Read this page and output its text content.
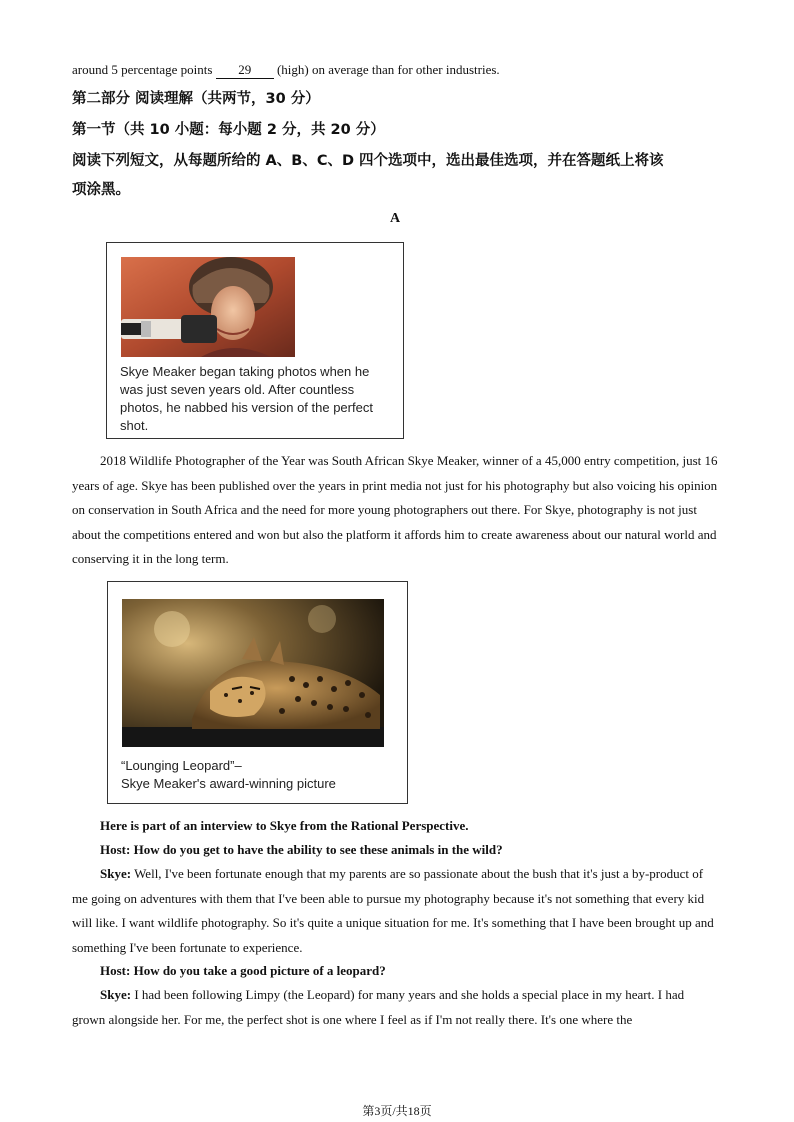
around 5 percentage points 29 (high) on average than for other industries.
第二部分 阅读理解（共两节，30 分）
第一节（共 10 小题：每小题 2 分，共 20 分）
阅读下列短文，从每题所给的 A、B、C、D 四个选项中，选出最佳选项，并在答题纸上将该
项涂黑。
A
Skye Meaker began taking photos when he
was just seven years old. After countless
photos, he nabbed his version of the perfect
shot.
2018 Wildlife Photographer of the Year was South African Skye Meaker, winner of a 45,000 entry competition, just 16 years of age. Skye has been published over the years in print media not just for his photography but also voicing his opinion on conservation in South Africa and the need for more young photographers out there. For Skye, photography is not just about the competitions entered and won but also the platform it affords him to create awareness about our natural world and conserving it in the long term.
“Lounging Leopard”–
Skye Meaker's award-winning picture
Here is part of an interview to Skye from the Rational Perspective.
Host: How do you get to have the ability to see these animals in the wild?
Skye: Well, I've been fortunate enough that my parents are so passionate about the bush that it's just a by-product of me going on adventures with them that I've been able to pursue my photography because it's not something that every kid will like. I want wildlife photography. So it's quite a unique situation for me. It's something that I have been brought up and something I've been fortunate to experience.
Host: How do you take a good picture of a leopard?
Skye: I had been following Limpy (the Leopard) for many years and she holds a special place in my heart. I had grown alongside her. For me, the perfect shot is one where I feel as if I'm not really there. It's one where the
第3页/共18页
